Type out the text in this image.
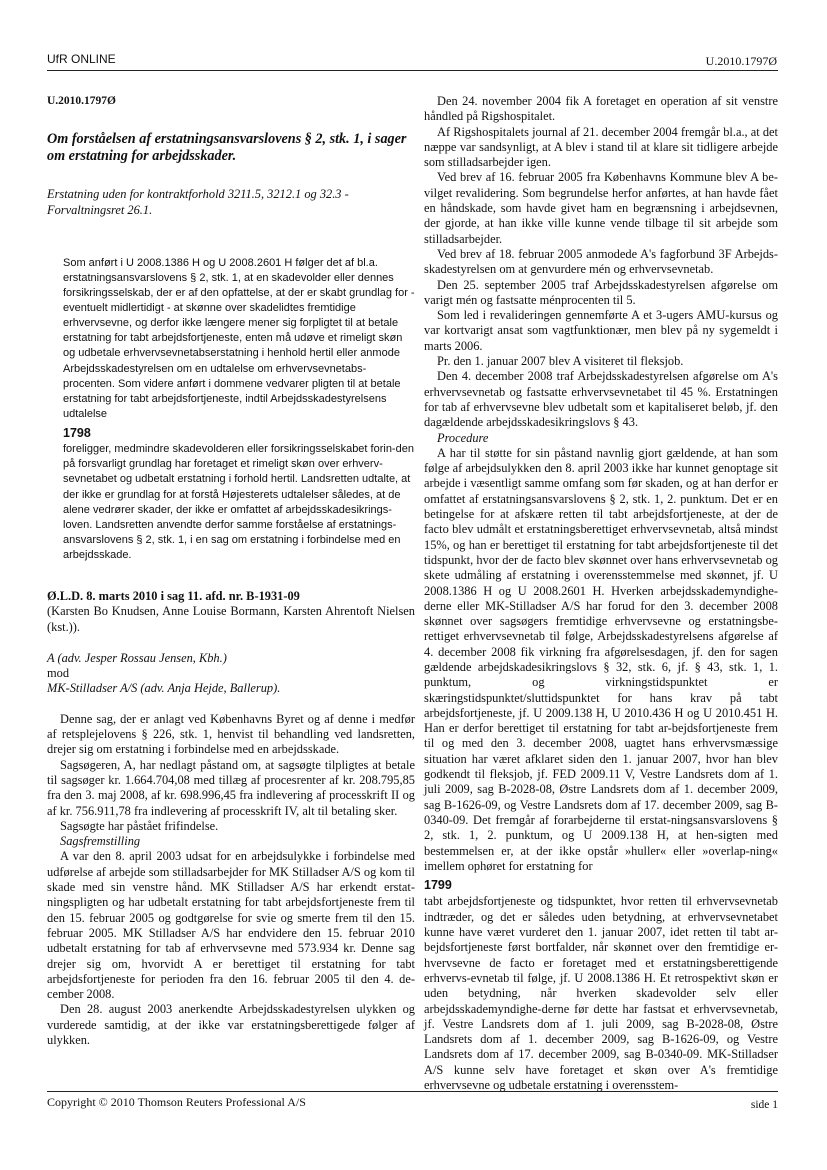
UfR ONLINE	U.2010.1797Ø

U.2010.1797Ø

Om forståelsen af erstatningsansvarslovens § 2, stk. 1, i sager om erstatning for arbejdsskader.

Erstatning uden for kontraktforhold 3211.5, 3212.1 og 32.3 - Forvaltningsret 26.1.

Som anført i U 2008.1386 H og U 2008.2601 H følger det af bl.a. erstatningsansvarslovens § 2, stk. 1, at en skadevolder eller dennes forsikringsselskab, der er af den opfattelse, at der er skabt grundlag for - eventuelt midlertidigt - at skønne over skadelidtes fremtidige erhvervsevne, og derfor ikke længere mener sig forpligtet til at betale erstatning for tabt arbejdsfortjeneste, enten må udøve et rimeligt skøn og udbetale erhvervsevnetabserstatning i henhold hertil eller anmode Arbejdsskadestyrelsen om en udtalelse om erhvervsevnetabs-procenten. Som videre anført i dommene vedvarer pligten til at betale erstatning for tabt arbejdsfortjeneste, indtil Arbejdsskadestyrelsens udtalelse

1798

foreligger, medmindre skadevolderen eller forsikringsselskabet forin-den på forsvarligt grundlag har foretaget et rimeligt skøn over erhverv-sevnetabet og udbetalt erstatning i forhold hertil. Landsretten udtalte, at der ikke er grundlag for at forstå Højesterets udtalelser således, at de alene vedrører skader, der ikke er omfattet af arbejdsskadesikrings-loven. Landsretten anvendte derfor samme forståelse af erstatnings-ansvarslovens § 2, stk. 1, i en sag om erstatning i forbindelse med en arbejdsskade.

Ø.L.D. 8. marts 2010 i sag 11. afd. nr. B-1931-09

(Karsten Bo Knudsen, Anne Louise Bormann, Karsten Ahrentoft Nielsen (kst.)).

A (adv. Jesper Rossau Jensen, Kbh.)

mod

MK-Stilladser A/S (adv. Anja Hejde, Ballerup).

Denne sag, der er anlagt ved Københavns Byret og af denne i medfør af retsplejelovens § 226, stk. 1, henvist til behandling ved landsretten, drejer sig om erstatning i forbindelse med en arbejdsskade.

Sagsøgeren, A, har nedlagt påstand om, at sagsøgte tilpligtes at betale til sagsøger kr. 1.664.704,08 med tillæg af procesrenter af kr. 208.795,85 fra den 3. maj 2008, af kr. 698.996,45 fra indlevering af processkrift II og af kr. 756.911,78 fra indlevering af processkrift IV, alt til betaling sker.

Sagsøgte har påstået frifindelse.

Sagsfremstilling

A var den 8. april 2003 udsat for en arbejdsulykke i forbindelse med udførelse af arbejde som stilladsarbejder for MK Stilladser A/S og kom til skade med sin venstre hånd. MK Stilladser A/S har erkendt erstat-ningspligten og har udbetalt erstatning for tabt arbejdsfortjeneste frem til den 15. februar 2005 og godtgørelse for svie og smerte frem til den 15. februar 2005. MK Stilladser A/S har endvidere den 15. februar 2010 udbetalt erstatning for tab af erhvervsevne med 573.934 kr. Denne sag drejer sig om, hvorvidt A er berettiget til erstatning for tabt arbejdsfortjeneste for perioden fra den 16. februar 2005 til den 4. de-cember 2008.

Den 28. august 2003 anerkendte Arbejdsskadestyrelsen ulykken og vurderede samtidig, at der ikke var erstatningsberettigede følger af ulykken.

Den 24. november 2004 fik A foretaget en operation af sit venstre håndled på Rigshospitalet.

Af Rigshospitalets journal af 21. december 2004 fremgår bl.a., at det næppe var sandsynligt, at A blev i stand til at klare sit tidligere arbejde som stilladsarbejder igen.

Ved brev af 16. februar 2005 fra Københavns Kommune blev A be-vilget revalidering. Som begrundelse herfor anførtes, at han havde fået en håndskade, som havde givet ham en begrænsning i arbejdsevnen, der gjorde, at han ikke ville kunne vende tilbage til sit arbejde som stilladsarbejder.

Ved brev af 18. februar 2005 anmodede A's fagforbund 3F Arbejds-skadestyrelsen om at genvurdere mén og erhvervsevnetab.

Den 25. september 2005 traf Arbejdsskadestyrelsen afgørelse om varigt mén og fastsatte ménprocenten til 5.

Som led i revalideringen gennemførte A et 3-ugers AMU-kursus og var kortvarigt ansat som vagtfunktionær, men blev på ny sygemeldt i marts 2006.

Pr. den 1. januar 2007 blev A visiteret til fleksjob.

Den 4. december 2008 traf Arbejdsskadestyrelsen afgørelse om A's erhvervsevnetab og fastsatte erhvervsevnetabet til 45 %. Erstatningen for tab af erhvervsevne blev udbetalt som et kapitaliseret beløb, jf. den dagældende arbejdsskadesikringslovs § 43.

Procedure

A har til støtte for sin påstand navnlig gjort gældende, at han som følge af arbejdsulykken den 8. april 2003 ikke har kunnet genoptage sit arbejde i væsentligt samme omfang som før skaden, og at han derfor er omfattet af erstatningsansvarslovens § 2, stk. 1, 2. punktum. Det er en betingelse for at afskære retten til tabt arbejdsfortjeneste, at der de facto blev udmålt et erstatningsberettiget erhvervsevnetab, altså mindst 15%, og han er berettiget til erstatning for tabt arbejdsfortjeneste til det tidspunkt, hvor der de facto blev skønnet over hans erhvervsevnetab og skete udmåling af erstatning i overensstemmelse med skønnet, jf. U 2008.1386 H og U 2008.2601 H. Hverken arbejdsskademyndighe-derne eller MK-Stilladser A/S har forud for den 3. december 2008 skønnet over sagsøgers fremtidige erhvervsevne og erstatningsbe-rettiget erhvervsevnetab til følge, Arbejdsskadestyrelsens afgørelse af 4. december 2008 fik virkning fra afgørelsesdagen, jf. den for sagen gældende arbejdskadesikringslovs § 32, stk. 6, jf. § 43, stk. 1, 1. punktum, og virkningstidspunktet er skæringstidspunktet/sluttidspunktet for hans krav på tabt arbejdsfortjeneste, jf. U 2009.138 H, U 2010.436 H og U 2010.451 H. Han er derfor berettiget til erstatning for tabt ar-bejdsfortjeneste frem til og med den 3. december 2008, uagtet hans erhvervsmæssige situation har været afklaret siden den 1. januar 2007, hvor han blev godkendt til fleksjob, jf. FED 2009.11 V, Vestre Landsrets dom af 1. juli 2009, sag B-2028-08, Østre Landsrets dom af 1. december 2009, sag B-1626-09, og Vestre Landsrets dom af 17. december 2009, sag B-0340-09. Det fremgår af forarbejderne til erstat-ningsansvarslovens § 2, stk. 1, 2. punktum, og U 2009.138 H, at hen-sigten med bestemmelsen er, at der ikke opstår »huller« eller »overlap-ning« imellem ophøret for erstatning for

1799

tabt arbejdsfortjeneste og tidspunktet, hvor retten til erhvervsevnetab indtræder, og det er således uden betydning, at erhvervsevnetabet kunne have været vurderet den 1. januar 2007, idet retten til tabt ar-bejdsfortjeneste først bortfalder, når skønnet over den fremtidige er-hvervsevne de facto er foretaget med et erstatningsberettigende erhvervs-evnetab til følge, jf. U 2008.1386 H. Et retrospektivt skøn er uden betydning, når hverken skadevolder selv eller arbejdsskademyndighe-derne før dette har fastsat et erhvervsevnetab, jf. Vestre Landsrets dom af 1. juli 2009, sag B-2028-08, Østre Landsrets dom af 1. december 2009, sag B-1626-09, og Vestre Landsrets dom af 17. december 2009, sag B-0340-09. MK-Stilladser A/S kunne selv have foretaget et skøn over A's fremtidige erhvervsevne og udbetale erstatning i overensstem-

Copyright © 2010 Thomson Reuters Professional A/S	side 1
